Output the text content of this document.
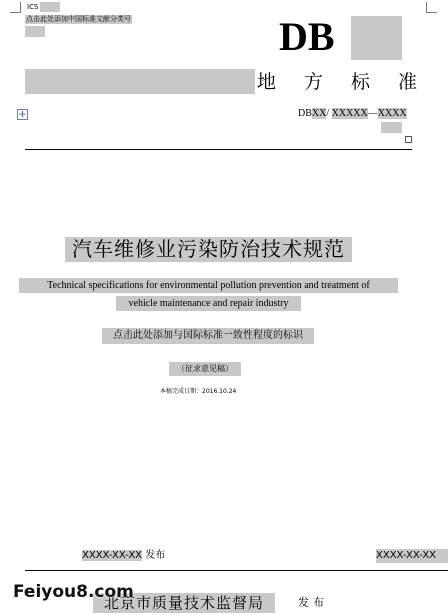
ICS
点击此处添加中国标准文献分类号	DB
地方标准
✛	DBXX/ XXXXX—XXXX
汽车维修业污染防治技术规范
Technical specifications for environmental pollution prevention and treatment of
vehicle maintenance and repair industry
点击此处添加与国际标准一致性程度的标识
（征求意见稿）
本稿完成日期：2016.10.24
XXXX-XX-XX 发布	XXXX-XX-XX
北京市质量技术监督局	发布
Feiyou8.com
